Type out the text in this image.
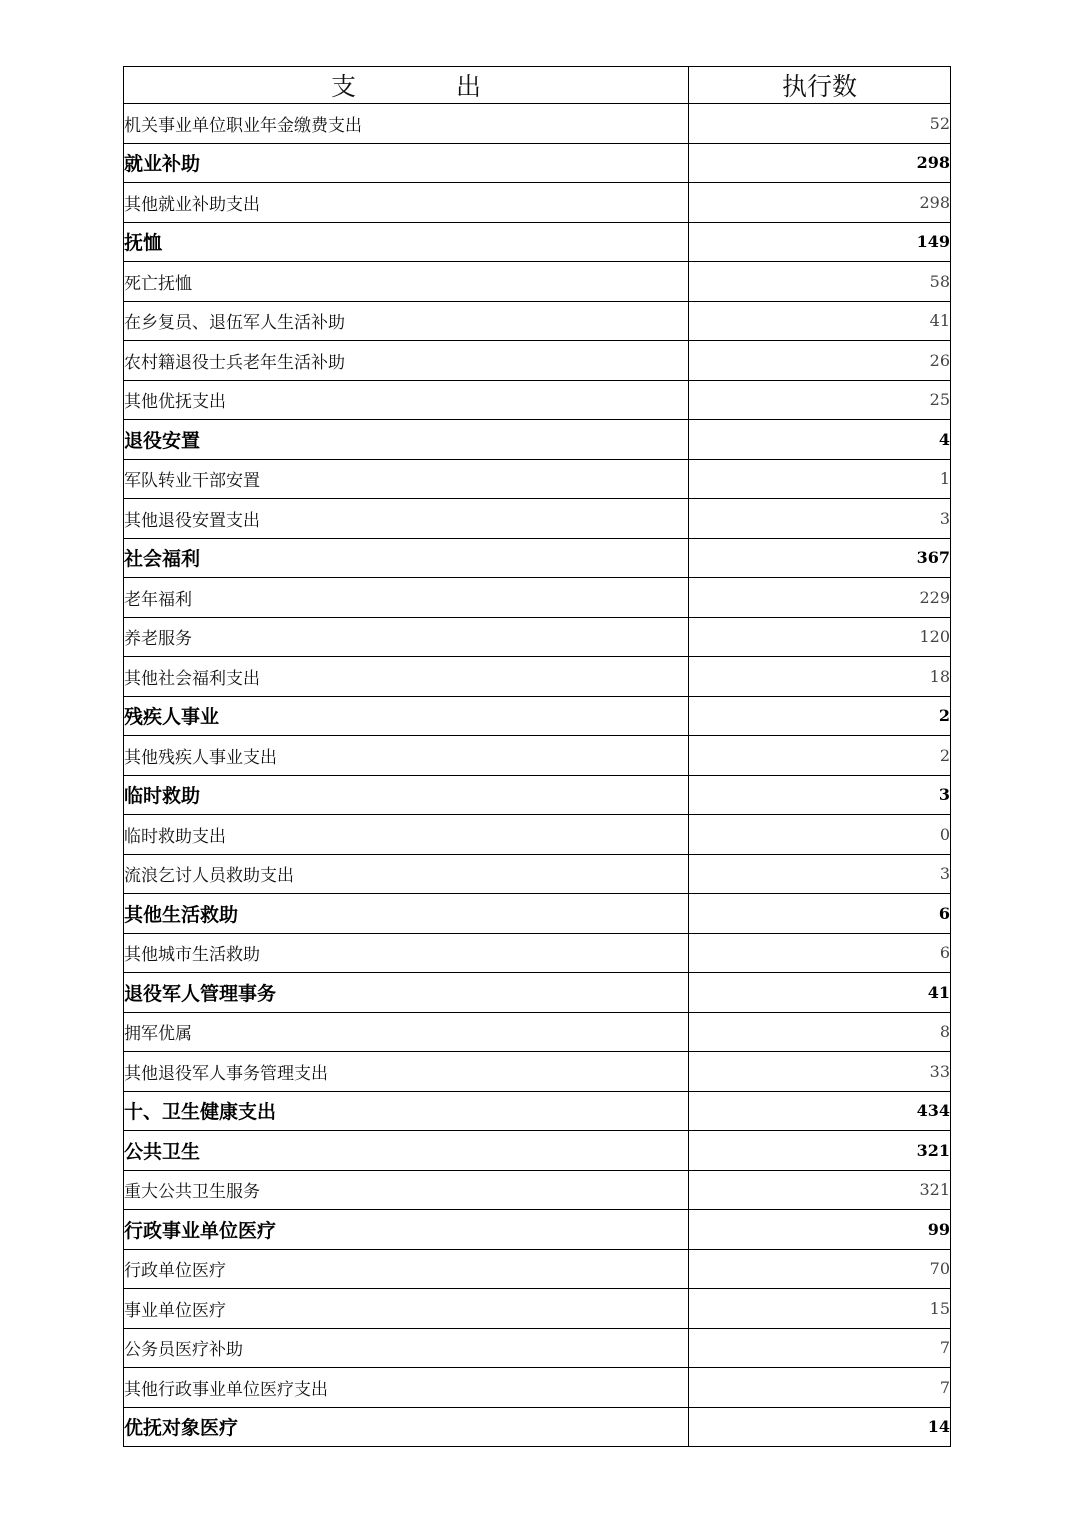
支 出	执行数
机关事业单位职业年金缴费支出	52
就业补助	298
其他就业补助支出	298
抚恤	149
死亡抚恤	58
在乡复员、退伍军人生活补助	41
农村籍退役士兵老年生活补助	26
其他优抚支出	25
退役安置	4
军队转业干部安置	1
其他退役安置支出	3
社会福利	367
老年福利	229
养老服务	120
其他社会福利支出	18
残疾人事业	2
其他残疾人事业支出	2
临时救助	3
临时救助支出	0
流浪乞讨人员救助支出	3
其他生活救助	6
其他城市生活救助	6
退役军人管理事务	41
拥军优属	8
其他退役军人事务管理支出	33
十、卫生健康支出	434
公共卫生	321
重大公共卫生服务	321
行政事业单位医疗	99
行政单位医疗	70
事业单位医疗	15
公务员医疗补助	7
其他行政事业单位医疗支出	7
优抚对象医疗	14
